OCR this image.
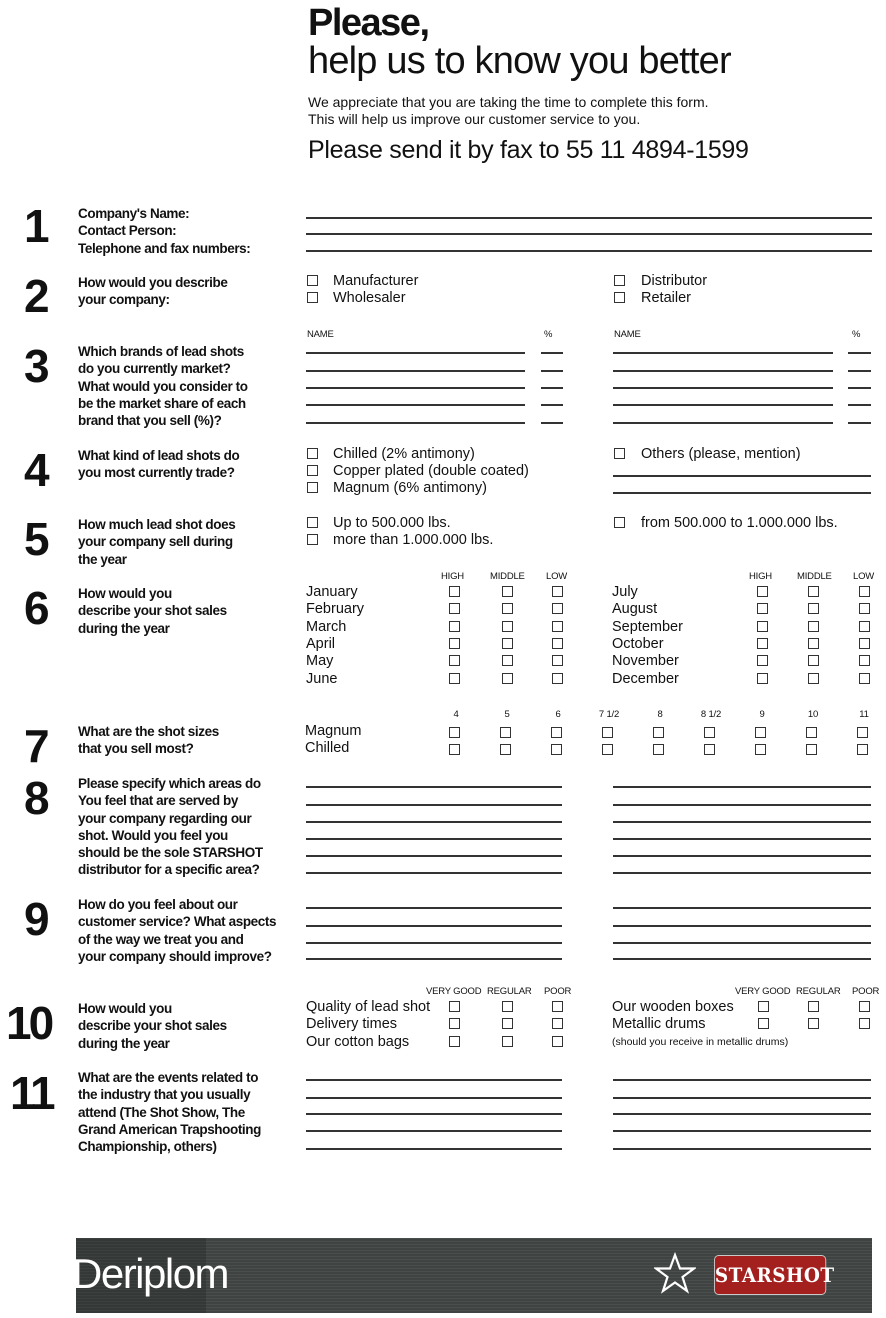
Please,
help us to know you better
We appreciate that you are taking the time to complete this form.
This will help us improve our customer service to you.
Please send it by fax to 55 11 4894-1599
1 Company's Name:
Contact Person:
Telephone and fax numbers:
2 How would you describe
your company:
Manufacturer
Wholesaler
Distributor
Retailer
3 Which brands of lead shots
do you currently market?
What would you consider to
be the market share of each
brand that you sell (%)?
NAME	%	NAME	%
4 What kind of lead shots do
you most currently trade?
Chilled (2% antimony)
Copper plated (double coated)
Magnum (6% antimony)
Others (please, mention)
5 How much lead shot does
your company sell during
the year
Up to 500.000 lbs.
more than 1.000.000 lbs.
from 500.000 to 1.000.000 lbs.
6 How would you
describe your shot sales
during the year
HIGH	MIDDLE LOW
January
February
March
April
May
June
HIGH	MIDDLE LOW
July
August
September
October
November
December
7 What are the shot sizes
that you sell most?
4	5	6	7 1/2	8	8 1/2	9	10	11
Magnum
Chilled
8 Please specify which areas do
You feel that are served by
your company regarding our
shot. Would you feel you
should be the sole STARSHOT
distributor for a specific area?
9 How do you feel about our
customer service? What aspects
of the way we treat you and
your company should improve?
10 How would you
describe your shot sales
during the year
VERY GOOD REGULAR POOR
Quality of lead shot
Delivery times
Our cotton bags
VERY GOOD REGULAR POOR
Our wooden boxes
Metallic drums
(should you receive in metallic drums)
11 What are the events related to
the industry that you usually
attend (The Shot Show, The
Grand American Trapshooting
Championship, others)
Deriplom	STARSHOT
